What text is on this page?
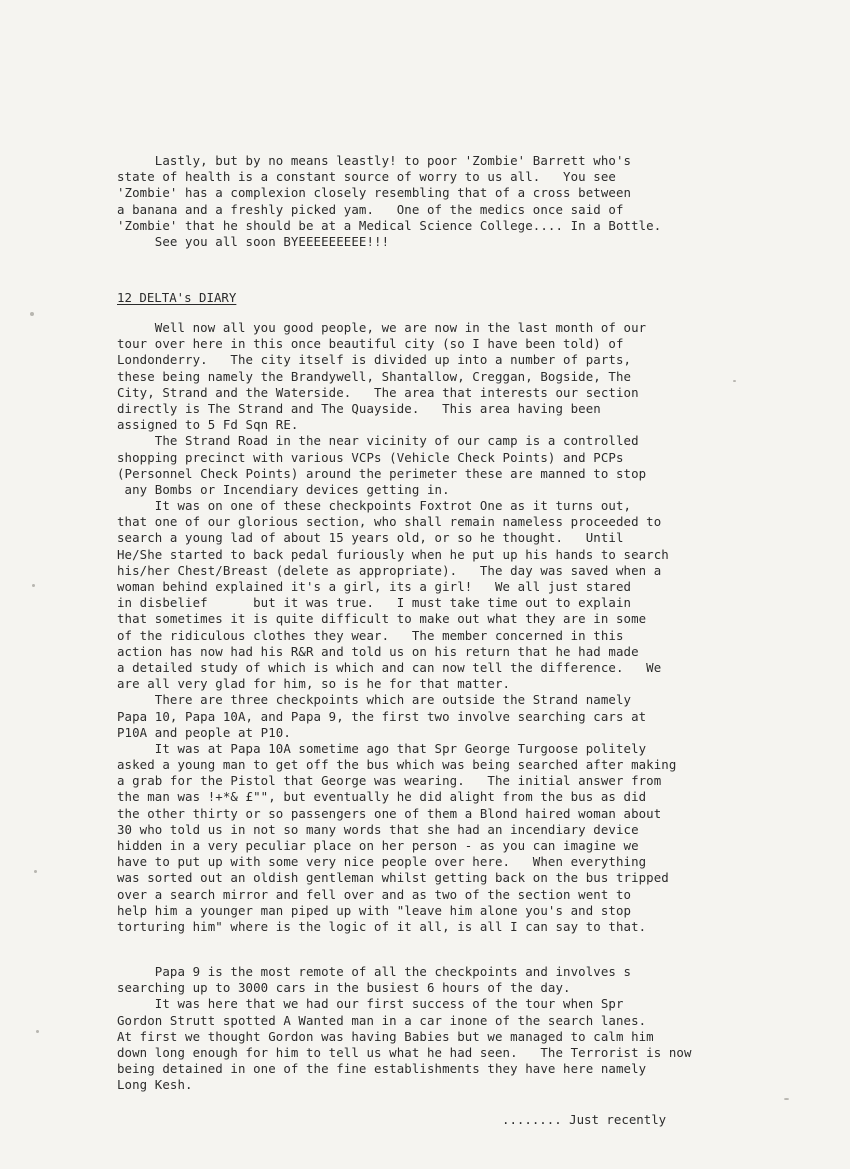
Lastly, but by no means leastly! to poor 'Zombie' Barrett who's
state of health is a constant source of worry to us all.   You see
'Zombie' has a complexion closely resembling that of a cross between
a banana and a freshly picked yam.   One of the medics once said of
'Zombie' that he should be at a Medical Science College.... In a Bottle.
See you all soon BYEEEEEEEEE!!!
12 DELTA's DIARY
Well now all you good people, we are now in the last month of our
tour over here in this once beautiful city (so I have been told) of
Londonderry.   The city itself is divided up into a number of parts,
these being namely the Brandywell, Shantallow, Creggan, Bogside, The
City, Strand and the Waterside.   The area that interests our section
directly is The Strand and The Quayside.   This area having been
assigned to 5 Fd Sqn RE.
The Strand Road in the near vicinity of our camp is a controlled
shopping precinct with various VCPs (Vehicle Check Points) and PCPs
(Personnel Check Points) around the perimeter these are manned to stop
any Bombs or Incendiary devices getting in.
It was on one of these checkpoints Foxtrot One as it turns out,
that one of our glorious section, who shall remain nameless proceeded to
search a young lad of about 15 years old, or so he thought.   Until
He/She started to back pedal furiously when he put up his hands to search
his/her Chest/Breast (delete as appropriate).   The day was saved when a
woman behind explained it's a girl, its a girl!   We all just stared
in disbelief      but it was true.   I must take time out to explain
that sometimes it is quite difficult to make out what they are in some
of the ridiculous clothes they wear.   The member concerned in this
action has now had his R&R and told us on his return that he had made
a detailed study of which is which and can now tell the difference.   We
are all very glad for him, so is he for that matter.
There are three checkpoints which are outside the Strand namely
Papa 10, Papa 10A, and Papa 9, the first two involve searching cars at
P10A and people at P10.
It was at Papa 10A sometime ago that Spr George Turgoose politely
asked a young man to get off the bus which was being searched after making
a grab for the Pistol that George was wearing.   The initial answer from
the man was !+*& £"", but eventually he did alight from the bus as did
the other thirty or so passengers one of them a Blond haired woman about
30 who told us in not so many words that she had an incendiary device
hidden in a very peculiar place on her person - as you can imagine we
have to put up with some very nice people over here.   When everything
was sorted out an oldish gentleman whilst getting back on the bus tripped
over a search mirror and fell over and as two of the section went to
help him a younger man piped up with "leave him alone you's and stop
torturing him" where is the logic of it all, is all I can say to that.
Papa 9 is the most remote of all the checkpoints and involves s
searching up to 3000 cars in the busiest 6 hours of the day.
It was here that we had our first success of the tour when Spr
Gordon Strutt spotted A Wanted man in a car inone of the search lanes.
At first we thought Gordon was having Babies but we managed to calm him
down long enough for him to tell us what he had seen.   The Terrorist is now
being detained in one of the fine establishments they have here namely
Long Kesh.
........ Just recently
